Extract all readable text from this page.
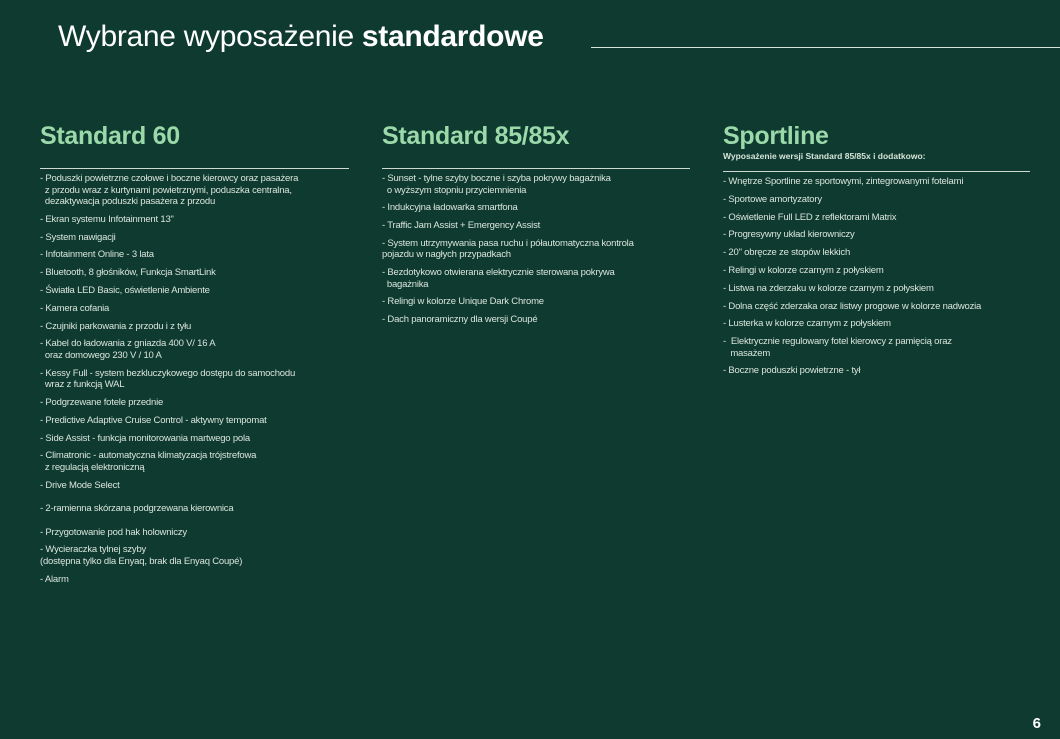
Wybrane wyposażenie standardowe
Standard 60
- Poduszki powietrzne czołowe i boczne kierowcy oraz pasażera
z przodu wraz z kurtynami powietrznymi, poduszka centralna,
dezaktywacja poduszki pasażera z przodu
- Ekran systemu Infotainment 13"
- System nawigacji
- Infotainment Online - 3 lata
- Bluetooth, 8 głośników, Funkcja SmartLink
- Światła LED Basic, oświetlenie Ambiente
- Kamera cofania
- Czujniki parkowania z przodu i z tyłu
- Kabel do ładowania z gniazda 400 V/ 16 A
oraz domowego 230 V / 10 A
- Kessy Full - system bezkluczykowego dostępu do samochodu
wraz z funkcją WAL
- Podgrzewane fotele przednie
- Predictive Adaptive Cruise Control - aktywny tempomat
- Side Assist - funkcja monitorowania martwego pola
- Climatronic - automatyczna klimatyzacja trójstrefowa
z regulacją elektroniczną
- Drive Mode Select
- 2-ramienna skórzana podgrzewana kierownica
- Przygotowanie pod hak holowniczy
- Wycieraczka tylnej szyby
(dostępna tylko dla Enyaq, brak dla Enyaq Coupé)
- Alarm
Standard 85/85x
- Sunset - tylne szyby boczne i szyba pokrywy bagażnika
o wyższym stopniu przyciemnienia
- Indukcyjna ładowarka smartfona
- Traffic Jam Assist + Emergency Assist
- System utrzymywania pasa ruchu i półautomatyczna kontrola
pojazdu w nagłych przypadkach
- Bezdotykowo otwierana elektrycznie sterowana pokrywa
bagażnika
- Relingi w kolorze Unique Dark Chrome
- Dach panoramiczny dla wersji Coupé
Sportline
Wyposażenie wersji Standard 85/85x i dodatkowo:
- Wnętrze Sportline ze sportowymi, zintegrowanymi fotelami
- Sportowe amortyzatory
- Oświetlenie Full LED z reflektorami Matrix
- Progresywny układ kierowniczy
- 20" obręcze ze stopów lekkich
- Relingi w kolorze czarnym z połyskiem
- Listwa na zderzaku w kolorze czarnym z połyskiem
- Dolna część zderzaka oraz listwy progowe w kolorze nadwozia
- Lusterka w kolorze czarnym z połyskiem
-  Elektrycznie regulowany fotel kierowcy z pamięcią oraz
masażem
- Boczne poduszki powietrzne - tył
6
